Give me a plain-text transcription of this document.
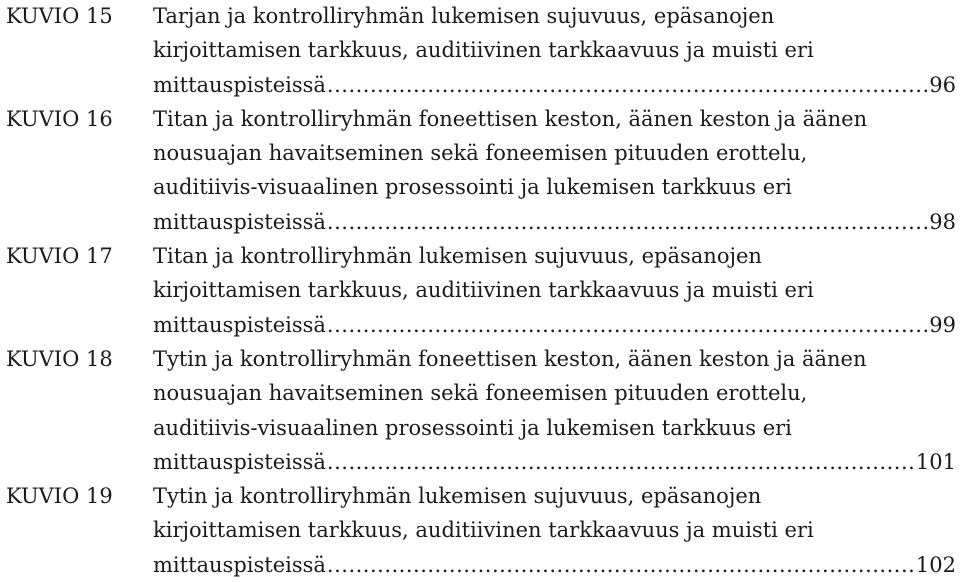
KUVIO 15	Tarjan ja kontrolliryhmän lukemisen sujuvuus, epäsanojen
kirjoittamisen tarkkuus, auditiivinen tarkkaavuus ja muisti eri
mittauspisteissä .....	96
KUVIO 16	Titan ja kontrolliryhmän foneettisen keston, äänen keston ja äänen
nousuajan havaitseminen sekä foneemisen pituuden erottelu,
auditiivis-visuaalinen prosessointi ja lukemisen tarkkuus eri
mittauspisteissä .....	98
KUVIO 17	Titan ja kontrolliryhmän lukemisen sujuvuus, epäsanojen
kirjoittamisen tarkkuus, auditiivinen tarkkaavuus ja muisti eri
mittauspisteissä .....	99
KUVIO 18	Tytin ja kontrolliryhmän foneettisen keston, äänen keston ja äänen
nousuajan havaitseminen sekä foneemisen pituuden erottelu,
auditiivis-visuaalinen prosessointi ja lukemisen tarkkuus eri
mittauspisteissä .....	101
KUVIO 19	Tytin ja kontrolliryhmän lukemisen sujuvuus, epäsanojen
kirjoittamisen tarkkuus, auditiivinen tarkkaavuus ja muisti eri
mittauspisteissä .....	102
